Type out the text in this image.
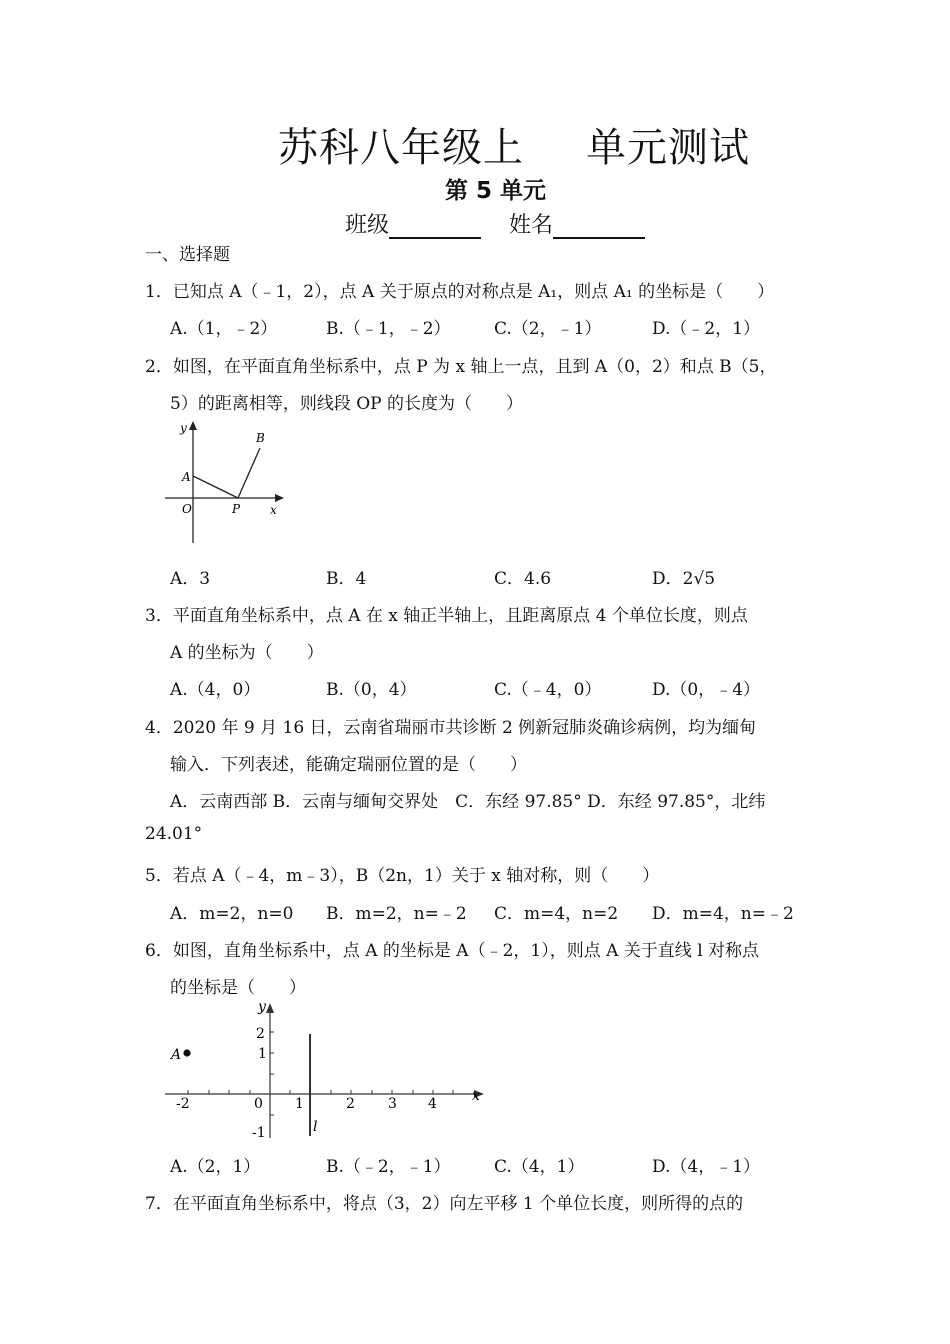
苏科八年级上 单元测试
第 5 单元
班级	姓名
一、选择题
1．已知点 A（﹣1，2），点 A 关于原点的对称点是 A₁，则点 A₁ 的坐标是（　　）
A.（1，﹣2）	B.（﹣1，﹣2）	C.（2，﹣1）	D.（﹣2，1）
2．如图，在平面直角坐标系中，点 P 为 x 轴上一点，且到 A（0，2）和点 B（5，
5）的距离相等，则线段 OP 的长度为（　　）
y
x
A
B
O	P
A．3	B．4	C．4.6	D．2√5
3．平面直角坐标系中，点 A 在 x 轴正半轴上，且距离原点 4 个单位长度，则点
A 的坐标为（　　）
A.（4，0）	B.（0，4）	C.（﹣4，0）	D.（0，﹣4）
4．2020 年 9 月 16 日，云南省瑞丽市共诊断 2 例新冠肺炎确诊病例，均为缅甸
输入．下列表述，能确定瑞丽位置的是（　　）
A．云南西部 B．云南与缅甸交界处　C．东经 97.85° D．东经 97.85°，北纬
24.01°
5．若点 A（﹣4，m﹣3），B（2n，1）关于 x 轴对称，则（　　）
A．m=2，n=0 B．m=2，n=﹣2 C．m=4，n=2 D．m=4，n=﹣2
6．如图，直角坐标系中，点 A 的坐标是 A（﹣2，1），则点 A 关于直线 l 对称点
的坐标是（　　）
A
y
x
l
-2	0 1	2 3 4
2
1
-1
A.（2，1）	B.（﹣2，﹣1）	C.（4，1）	D.（4，﹣1）
7．在平面直角坐标系中，将点（3，2）向左平移 1 个单位长度，则所得的点的
